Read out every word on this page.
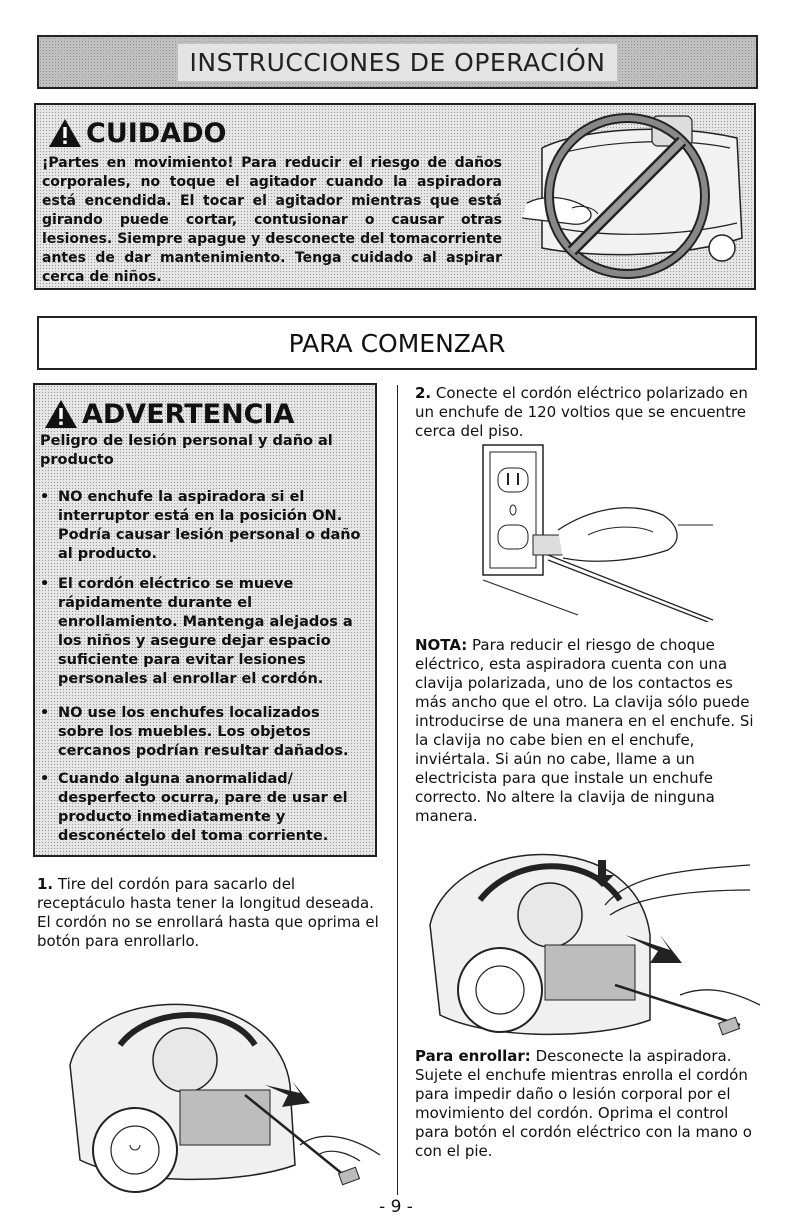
INSTRUCCIONES DE OPERACIÓN
CUIDADO
¡Partes en movimiento! Para reducir el riesgo de daños corporales, no toque el agitador cuando la aspiradora está encendida. El tocar el agitador mientras que está girando puede cortar, contusionar o causar otras lesiones. Siempre apague y desconecte del tomacorriente antes de dar mantenimiento. Tenga cuidado al aspirar cerca de niños.
PARA COMENZAR
ADVERTENCIA
Peligro de lesión personal y daño al producto
• NO enchufe la aspiradora si el interruptor está en la posición ON. Podría causar lesión personal o daño al producto.
• El cordón eléctrico se mueve rápidamente durante el enrollamiento. Mantenga alejados a los niños y asegure dejar espacio suficiente para evitar lesiones personales al enrollar el cordón.
• NO use los enchufes localizados sobre los muebles. Los objetos cercanos podrían resultar dañados.
• Cuando alguna anormalidad/ desperfecto ocurra, pare de usar el producto inmediatamente y desconéctelo del toma corriente.
1. Tire del cordón para sacarlo del receptáculo hasta tener la longitud deseada. El cordón no se enrollará hasta que oprima el botón para enrollarlo.
2. Conecte el cordón eléctrico polarizado en un enchufe de 120 voltios que se encuentre cerca del piso.
NOTA: Para reducir el riesgo de choque eléctrico, esta aspiradora cuenta con una clavija polarizada, uno de los contactos es más ancho que el otro. La clavija sólo puede introducirse de una manera en el enchufe. Si la clavija no cabe bien en el enchufe, inviértala. Si aún no cabe, llame a un electricista para que instale un enchufe correcto. No altere la clavija de ninguna manera.
Para enrollar: Desconecte la aspiradora. Sujete el enchufe mientras enrolla el cordón para impedir daño o lesión corporal por el movimiento del cordón. Oprima el control para botón el cordón eléctrico con la mano o con el pie.
- 9 -
